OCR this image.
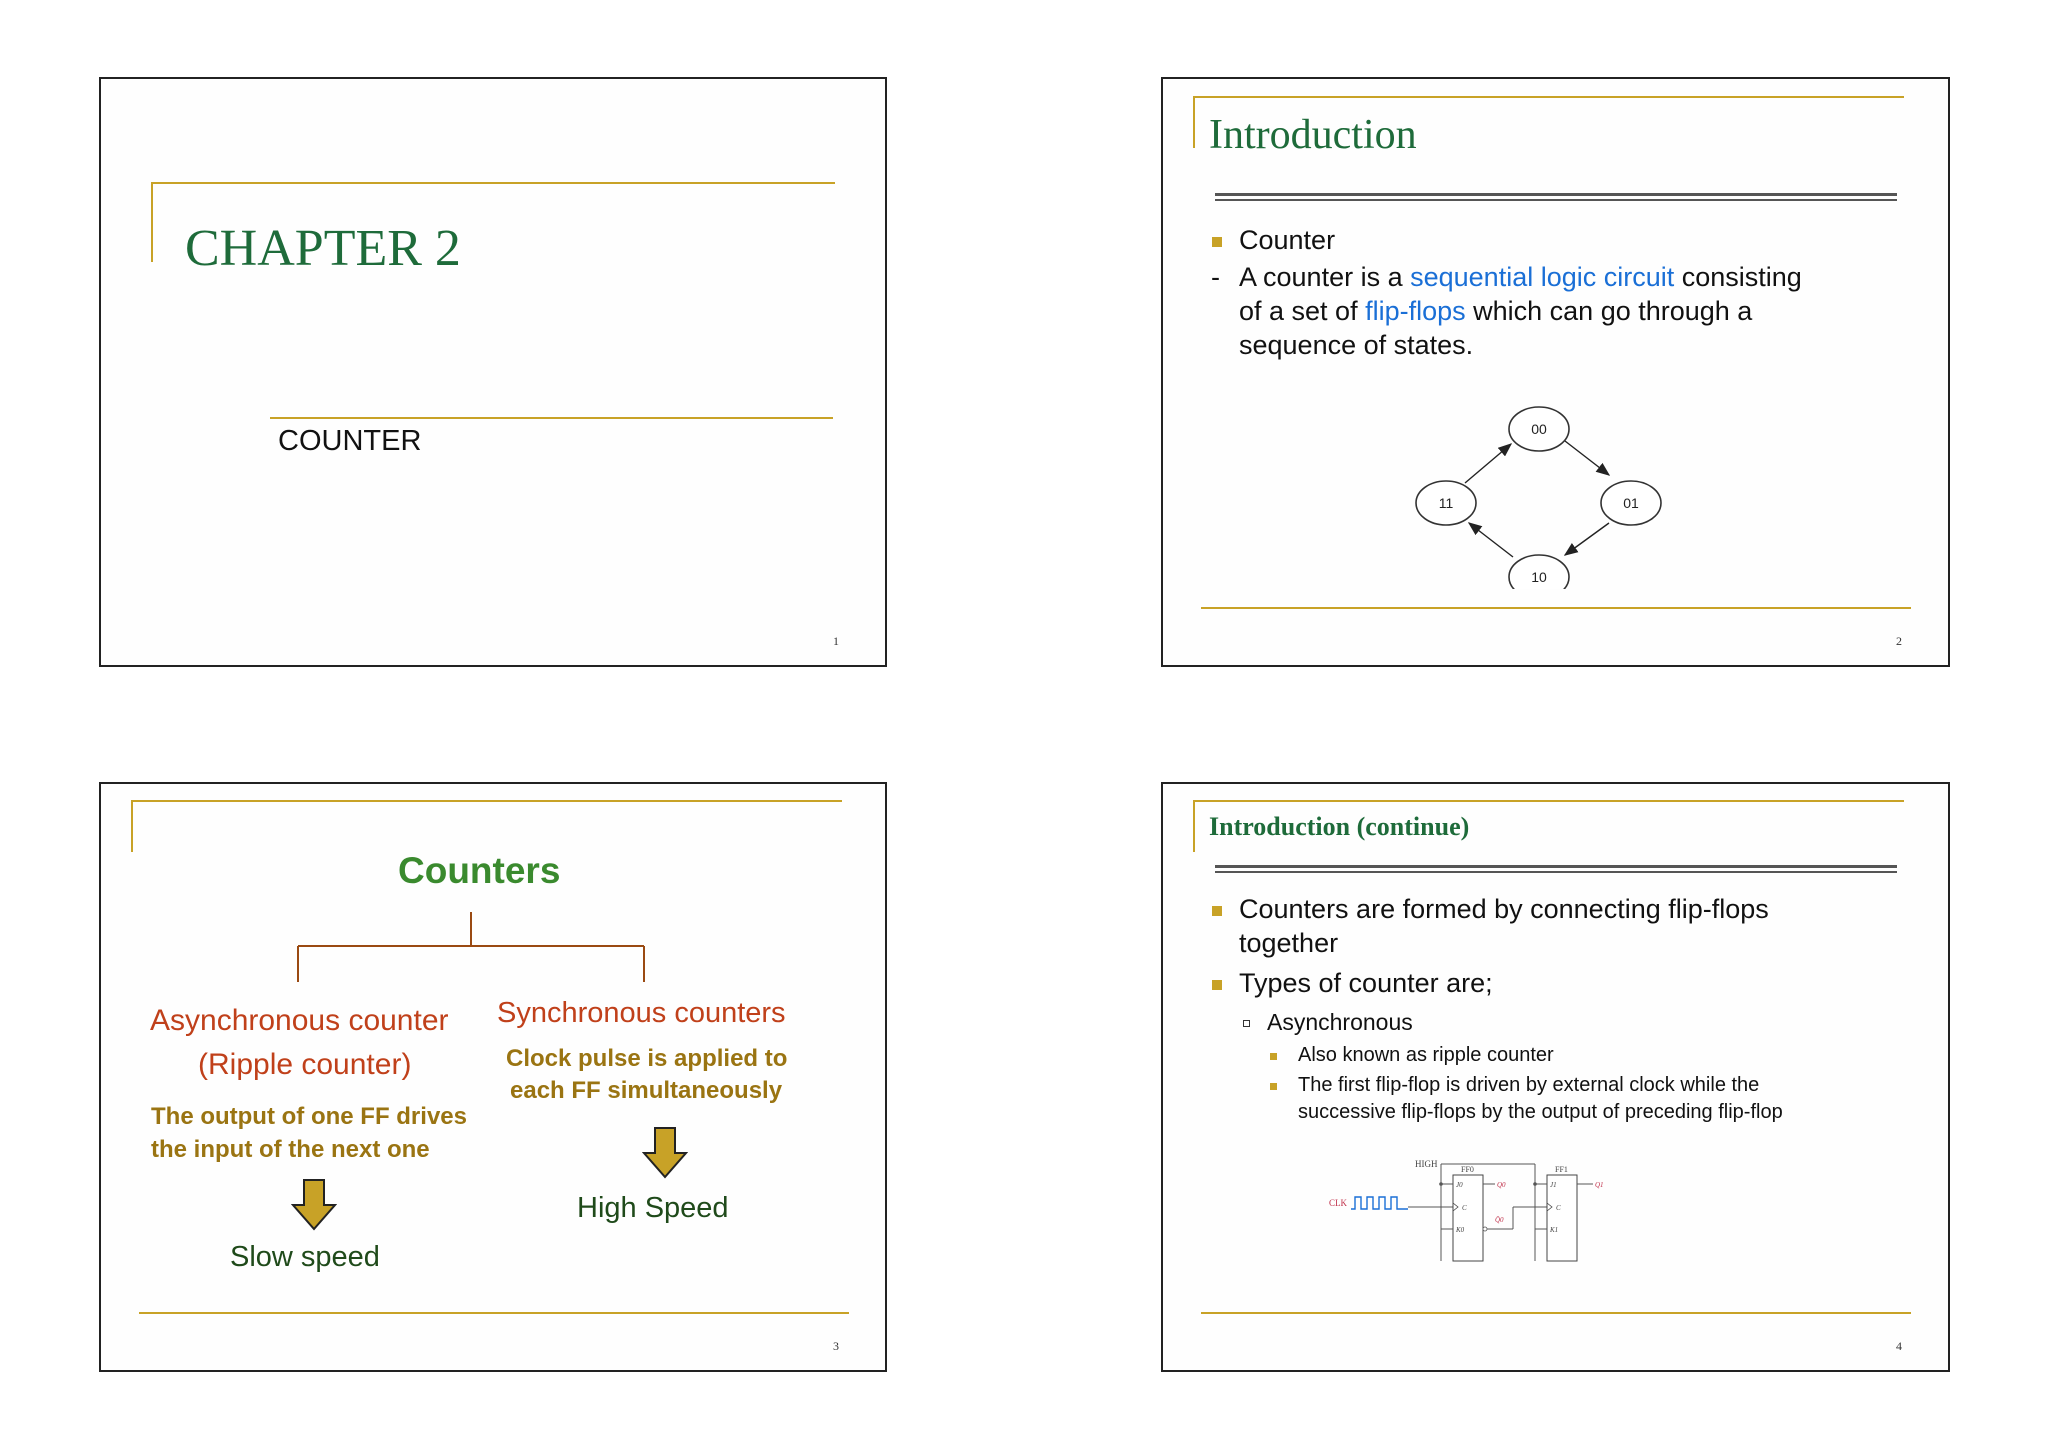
CHAPTER 2
COUNTER
1
Introduction
Counter
- A counter is a sequential logic circuit consisting
of a set of flip-flops which can go through a
sequence of states.
00
01
10
11
2
Counters
Asynchronous counter
(Ripple counter)
The output of one FF drives
the input of the next one
Slow speed
Synchronous counters
Clock pulse is applied to
each FF simultaneously
High Speed
3
Introduction (continue)
Counters are formed by connecting flip-flops
together
Types of counter are;
Asynchronous
Also known as ripple counter
The first flip-flop is driven by external clock while the
successive flip-flops by the output of preceding flip-flop
HIGH
CLK
FF0
J0
C
K0
Q0
Q̄0
FF1
J1
C
K1
Q1
4
